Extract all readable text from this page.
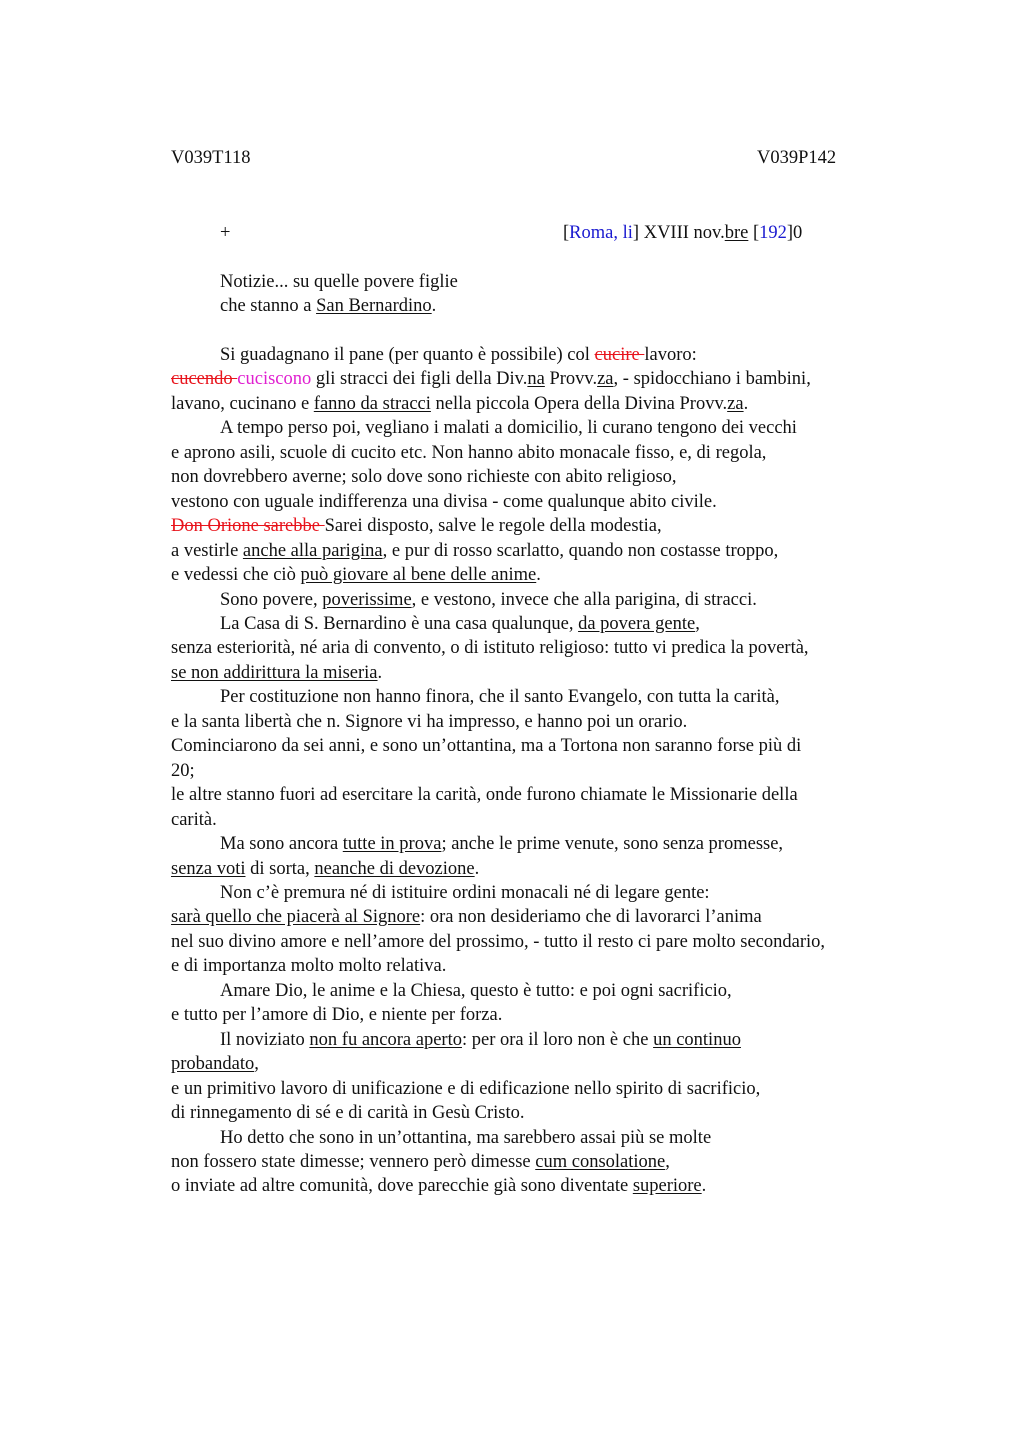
V039T118	V039P142
+	[Roma, li] XVIII nov.bre [192]0
Notizie... su quelle povere figlie
che stanno a San Bernardino.

Si guadagnano il pane (per quanto è possibile) col cucire lavoro:
cucendo cuciscono gli stracci dei figli della Div.na Provv.za, - spidocchiano i bambini,
lavano, cucinano e fanno da stracci nella piccola Opera della Divina Provv.za.

A tempo perso poi, vegliano i malati a domicilio, li curano tengono dei vecchi
e aprono asili, scuole di cucito etc. Non hanno abito monacale fisso, e, di regola,
non dovrebbero averne; solo dove sono richieste con abito religioso,
vestono con uguale indifferenza una divisa - come qualunque abito civile.
Don Orione sarebbe Sarei disposto, salve le regole della modestia,
a vestirle anche alla parigina, e pur di rosso scarlatto, quando non costasse troppo,
e vedessi che ciò può giovare al bene delle anime.

Sono povere, poverissime, e vestono, invece che alla parigina, di stracci.

La Casa di S. Bernardino è una casa qualunque, da povera gente,
senza esteriorità, né aria di convento, o di istituto religioso: tutto vi predica la povertà,
se non addirittura la miseria.

Per costituzione non hanno finora, che il santo Evangelo, con tutta la carità,
e la santa libertà che n. Signore vi ha impresso, e hanno poi un orario.
Cominciarono da sei anni, e sono un’ottantina, ma a Tortona non saranno forse più di
20;
le altre stanno fuori ad esercitare la carità, onde furono chiamate le Missionarie della
carità.

Ma sono ancora tutte in prova; anche le prime venute, sono senza promesse,
senza voti di sorta, neanche di devozione.

Non c’è premura né di istituire ordini monacali né di legare gente:
sarà quello che piacerà al Signore: ora non desideriamo che di lavorarci l’anima
nel suo divino amore e nell’amore del prossimo, - tutto il resto ci pare molto secondario,
e di importanza molto molto relativa.

Amare Dio, le anime e la Chiesa, questo è tutto: e poi ogni sacrificio,
e tutto per l’amore di Dio, e niente per forza.

Il noviziato non fu ancora aperto: per ora il loro non è che un continuo
probandato,
e un primitivo lavoro di unificazione e di edificazione nello spirito di sacrificio,
di rinnegamento di sé e di carità in Gesù Cristo.

Ho detto che sono in un’ottantina, ma sarebbero assai più se molte
non fossero state dimesse; vennero però dimesse cum consolatione,
o inviate ad altre comunità, dove parecchie già sono diventate superiore.
